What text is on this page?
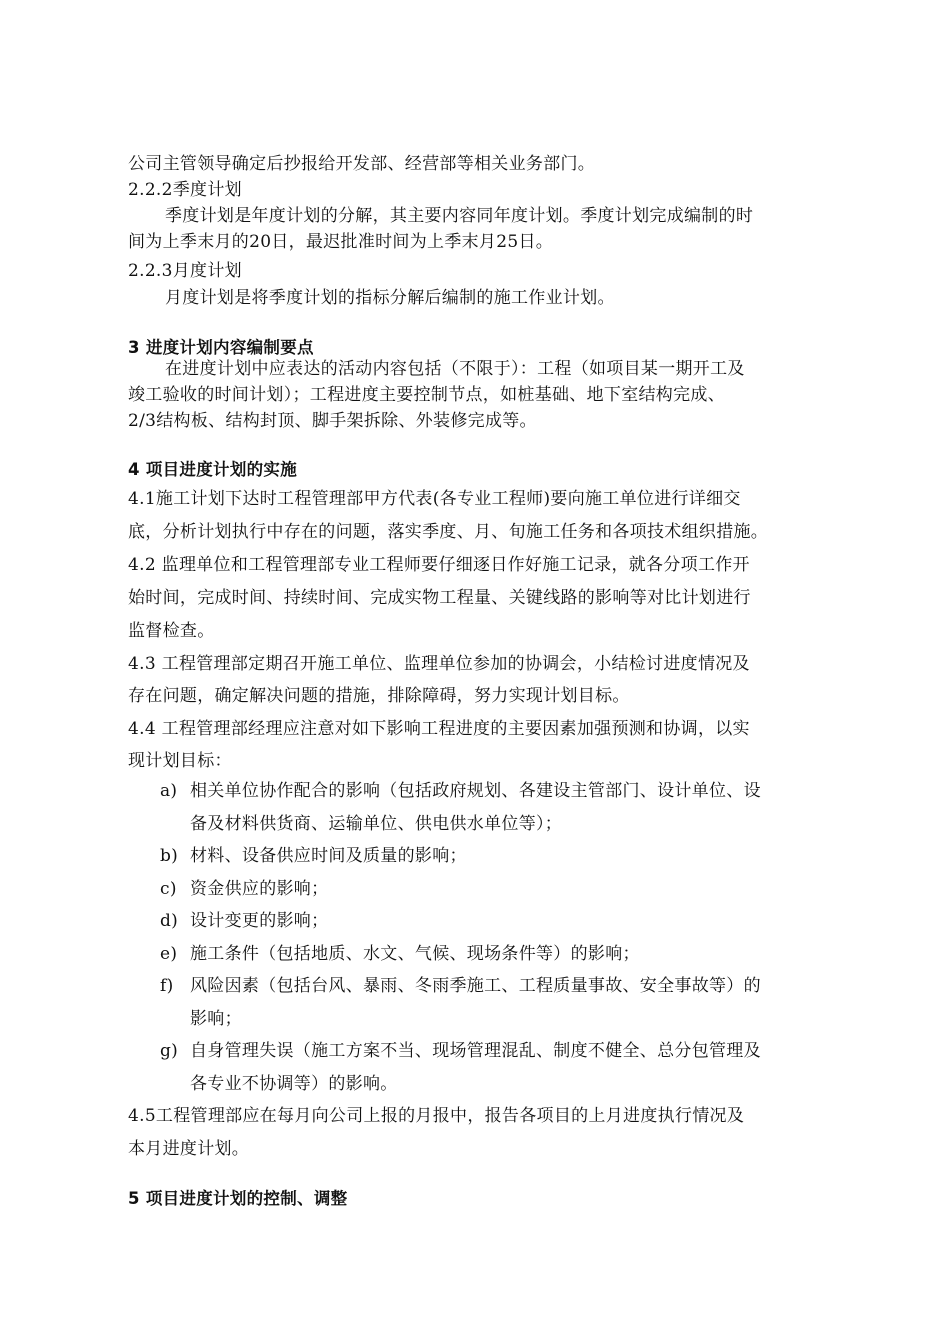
公司主管领导确定后抄报给开发部、经营部等相关业务部门。
2.2.2季度计划
季度计划是年度计划的分解，其主要内容同年度计划。季度计划完成编制的时
间为上季末月的20日，最迟批准时间为上季末月25日。
2.2.3月度计划
月度计划是将季度计划的指标分解后编制的施工作业计划。
3 进度计划内容编制要点
在进度计划中应表达的活动内容包括（不限于）：工程（如项目某一期开工及
竣工验收的时间计划）；工程进度主要控制节点，如桩基础、地下室结构完成、
2/3结构板、结构封顶、脚手架拆除、外装修完成等。
4 项目进度计划的实施
4.1施工计划下达时工程管理部甲方代表(各专业工程师)要向施工单位进行详细交
底，分析计划执行中存在的问题，落实季度、月、旬施工任务和各项技术组织措施。
4.2 监理单位和工程管理部专业工程师要仔细逐日作好施工记录，就各分项工作开
始时间，完成时间、持续时间、完成实物工程量、关键线路的影响等对比计划进行
监督检查。
4.3 工程管理部定期召开施工单位、监理单位参加的协调会，小结检讨进度情况及
存在问题，确定解决问题的措施，排除障碍，努力实现计划目标。
4.4 工程管理部经理应注意对如下影响工程进度的主要因素加强预测和协调，以实
现计划目标：
a) 相关单位协作配合的影响（包括政府规划、各建设主管部门、设计单位、设
备及材料供货商、运输单位、供电供水单位等）；
b) 材料、设备供应时间及质量的影响；
c) 资金供应的影响；
d) 设计变更的影响；
e) 施工条件（包括地质、水文、气候、现场条件等）的影响；
f) 风险因素（包括台风、暴雨、冬雨季施工、工程质量事故、安全事故等）的
影响；
g) 自身管理失误（施工方案不当、现场管理混乱、制度不健全、总分包管理及
各专业不协调等）的影响。
4.5工程管理部应在每月向公司上报的月报中，报告各项目的上月进度执行情况及
本月进度计划。
5 项目进度计划的控制、调整
